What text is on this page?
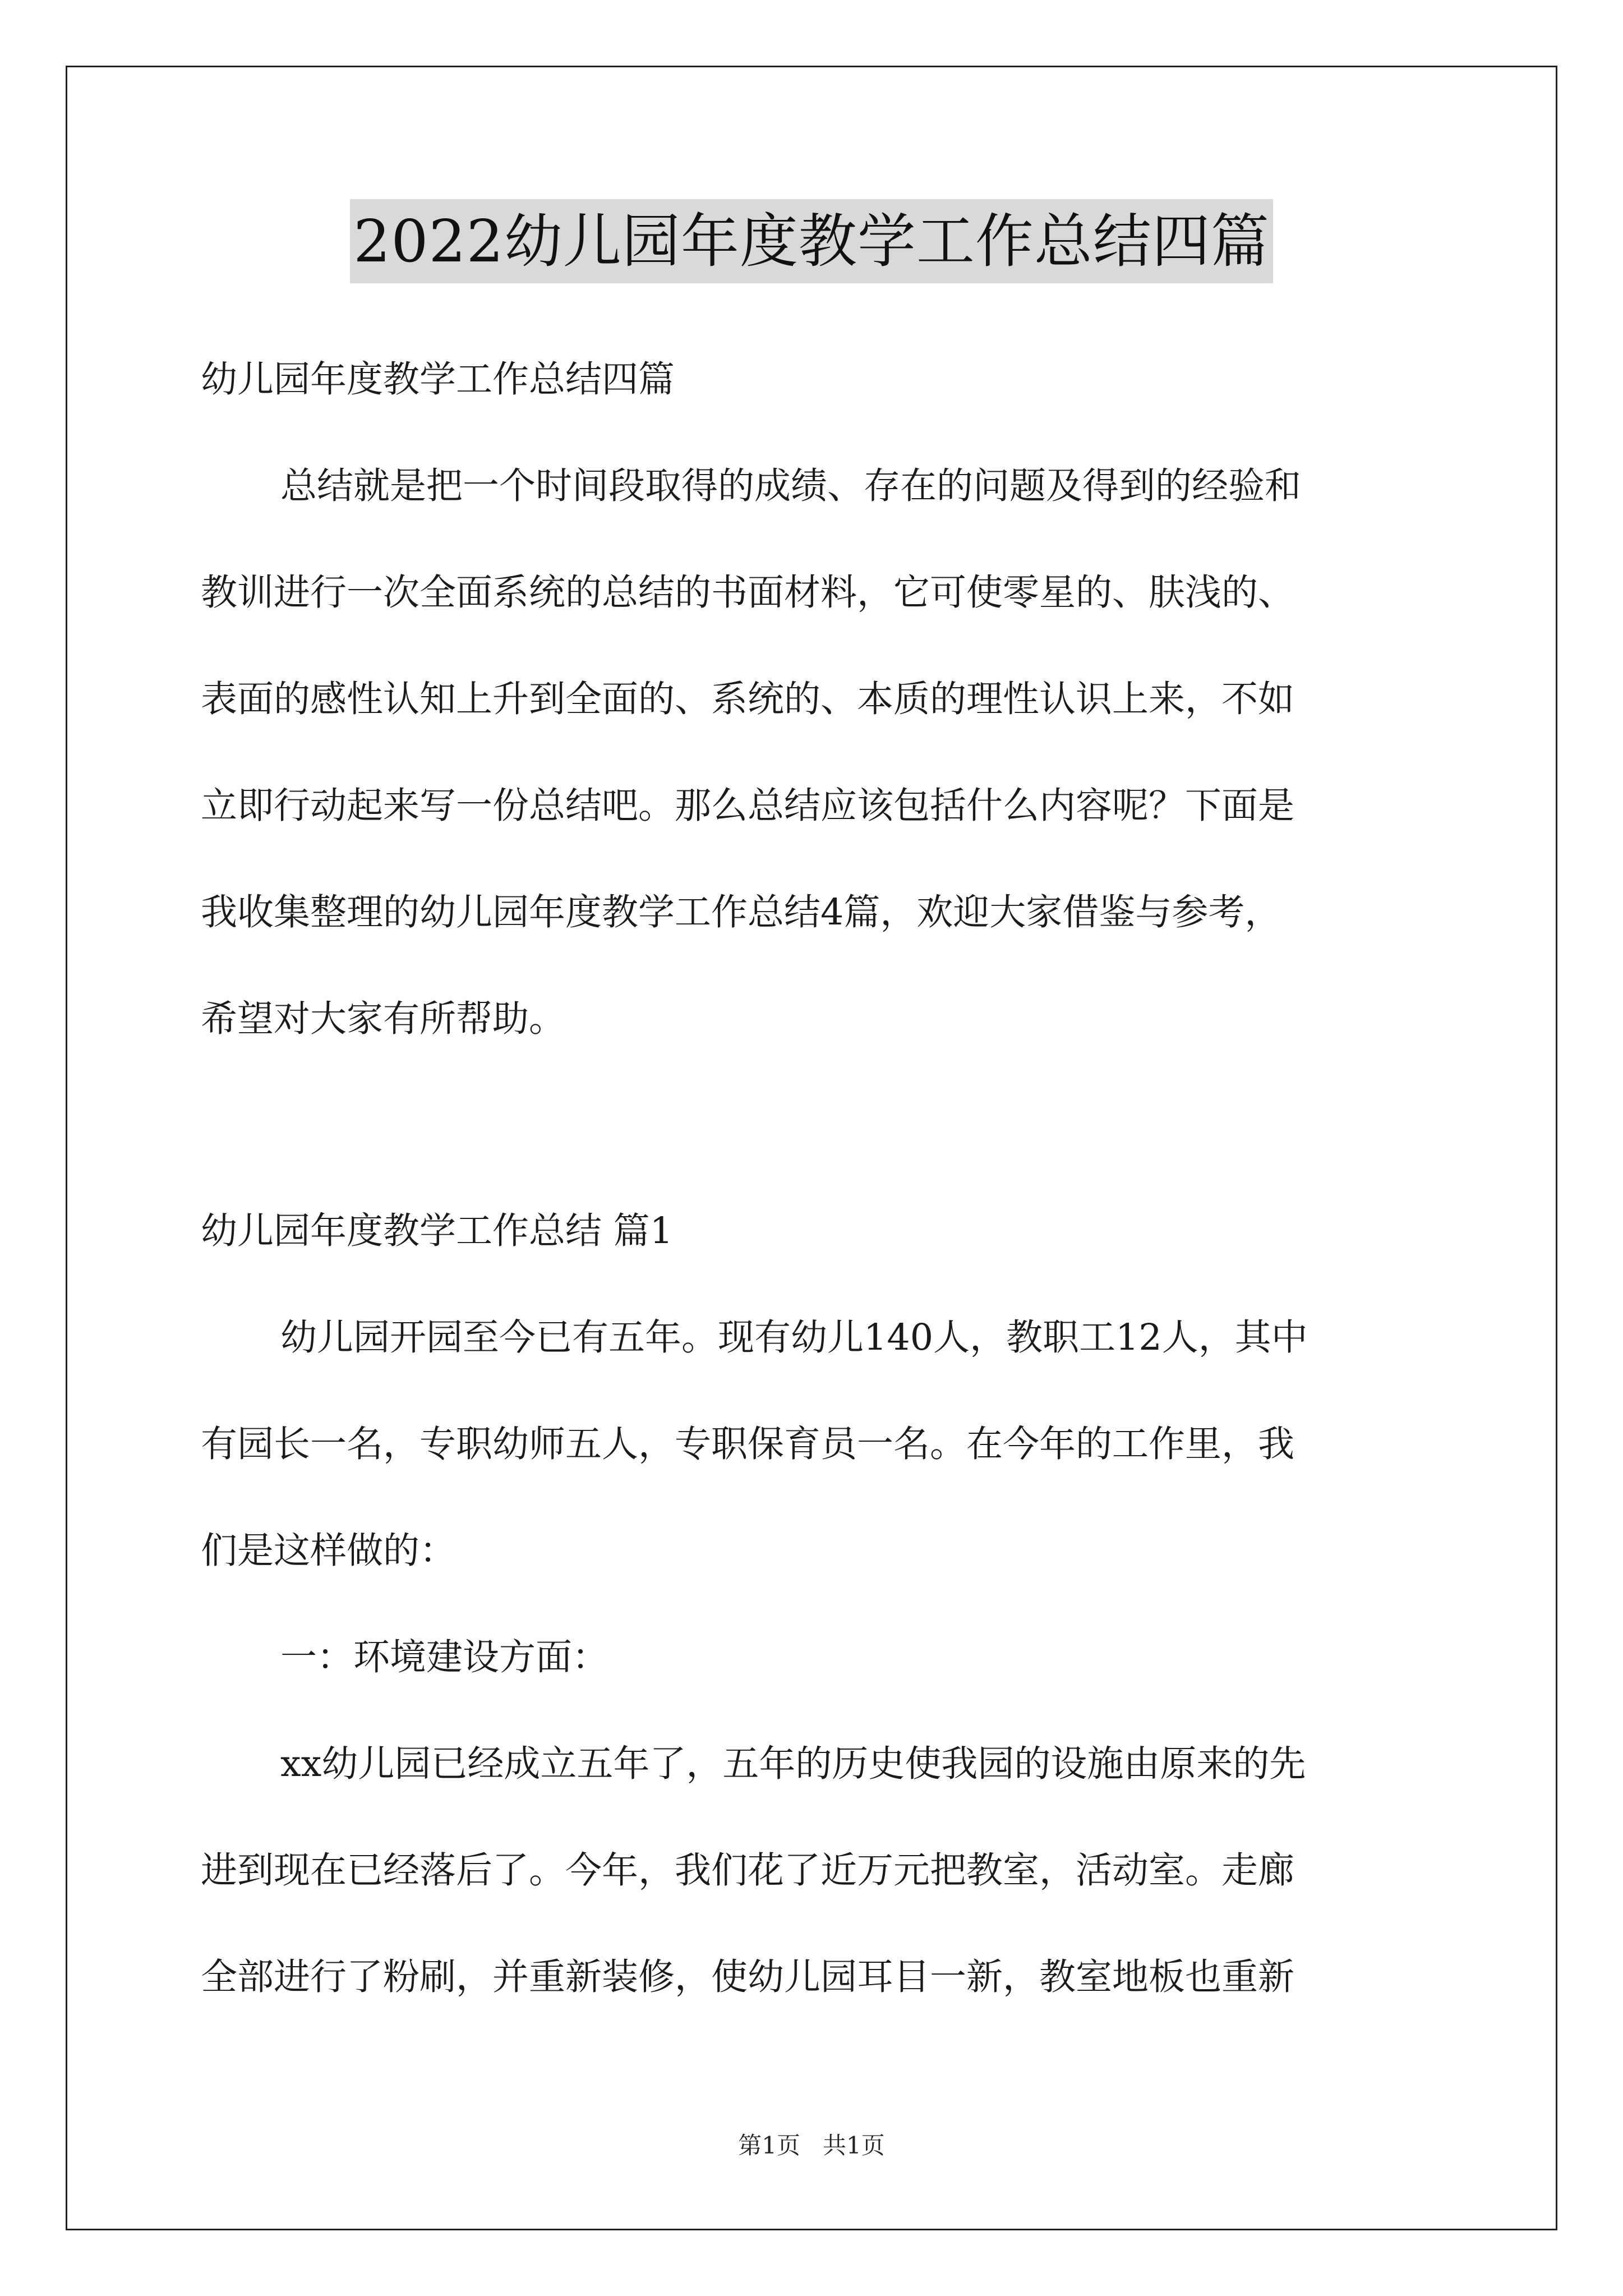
2022幼儿园年度教学工作总结四篇
幼儿园年度教学工作总结四篇
总结就是把一个时间段取得的成绩、存在的问题及得到的经验和
教训进行一次全面系统的总结的书面材料，它可使零星的、肤浅的、
表面的感性认知上升到全面的、系统的、本质的理性认识上来，不如
立即行动起来写一份总结吧。那么总结应该包括什么内容呢？下面是
我收集整理的幼儿园年度教学工作总结4篇，欢迎大家借鉴与参考，
希望对大家有所帮助。
幼儿园年度教学工作总结 篇1
幼儿园开园至今已有五年。现有幼儿140人，教职工12人，其中
有园长一名，专职幼师五人，专职保育员一名。在今年的工作里，我
们是这样做的：
一：环境建设方面：
xx幼儿园已经成立五年了，五年的历史使我园的设施由原来的先
进到现在已经落后了。今年，我们花了近万元把教室，活动室。走廊
全部进行了粉刷，并重新装修，使幼儿园耳目一新，教室地板也重新
第1页   共1页
